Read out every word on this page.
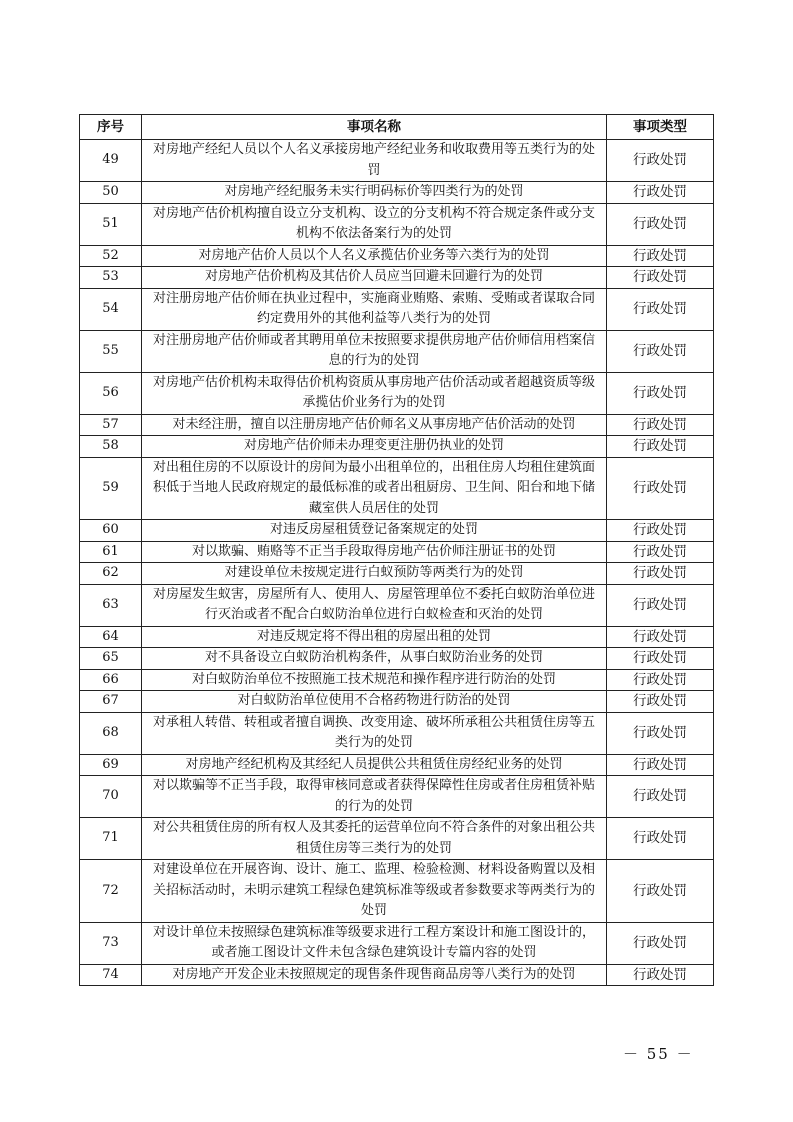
序号	事项名称	事项类型
49	对房地产经纪人员以个人名义承接房地产经纪业务和收取费用等五类行为的处罚	行政处罚
50	对房地产经纪服务未实行明码标价等四类行为的处罚	行政处罚
51	对房地产估价机构擅自设立分支机构、设立的分支机构不符合规定条件或分支机构不依法备案行为的处罚	行政处罚
52	对房地产估价人员以个人名义承揽估价业务等六类行为的处罚	行政处罚
53	对房地产估价机构及其估价人员应当回避未回避行为的处罚	行政处罚
54	对注册房地产估价师在执业过程中，实施商业贿赂、索贿、受贿或者谋取合同约定费用外的其他利益等八类行为的处罚	行政处罚
55	对注册房地产估价师或者其聘用单位未按照要求提供房地产估价师信用档案信息的行为的处罚	行政处罚
56	对房地产估价机构未取得估价机构资质从事房地产估价活动或者超越资质等级承揽估价业务行为的处罚	行政处罚
57	对未经注册，擅自以注册房地产估价师名义从事房地产估价活动的处罚	行政处罚
58	对房地产估价师未办理变更注册仍执业的处罚	行政处罚
59	对出租住房的不以原设计的房间为最小出租单位的，出租住房人均租住建筑面积低于当地人民政府规定的最低标准的或者出租厨房、卫生间、阳台和地下储藏室供人员居住的处罚	行政处罚
60	对违反房屋租赁登记备案规定的处罚	行政处罚
61	对以欺骗、贿赂等不正当手段取得房地产估价师注册证书的处罚	行政处罚
62	对建设单位未按规定进行白蚁预防等两类行为的处罚	行政处罚
63	对房屋发生蚁害，房屋所有人、使用人、房屋管理单位不委托白蚁防治单位进行灭治或者不配合白蚁防治单位进行白蚁检查和灭治的处罚	行政处罚
64	对违反规定将不得出租的房屋出租的处罚	行政处罚
65	对不具备设立白蚁防治机构条件，从事白蚁防治业务的处罚	行政处罚
66	对白蚁防治单位不按照施工技术规范和操作程序进行防治的处罚	行政处罚
67	对白蚁防治单位使用不合格药物进行防治的处罚	行政处罚
68	对承租人转借、转租或者擅自调换、改变用途、破坏所承租公共租赁住房等五类行为的处罚	行政处罚
69	对房地产经纪机构及其经纪人员提供公共租赁住房经纪业务的处罚	行政处罚
70	对以欺骗等不正当手段，取得审核同意或者获得保障性住房或者住房租赁补贴的行为的处罚	行政处罚
71	对公共租赁住房的所有权人及其委托的运营单位向不符合条件的对象出租公共租赁住房等三类行为的处罚	行政处罚
72	对建设单位在开展咨询、设计、施工、监理、检验检测、材料设备购置以及相关招标活动时，未明示建筑工程绿色建筑标准等级或者参数要求等两类行为的处罚	行政处罚
73	对设计单位未按照绿色建筑标准等级要求进行工程方案设计和施工图设计的，或者施工图设计文件未包含绿色建筑设计专篇内容的处罚	行政处罚
74	对房地产开发企业未按照规定的现售条件现售商品房等八类行为的处罚	行政处罚
－ 55 －
